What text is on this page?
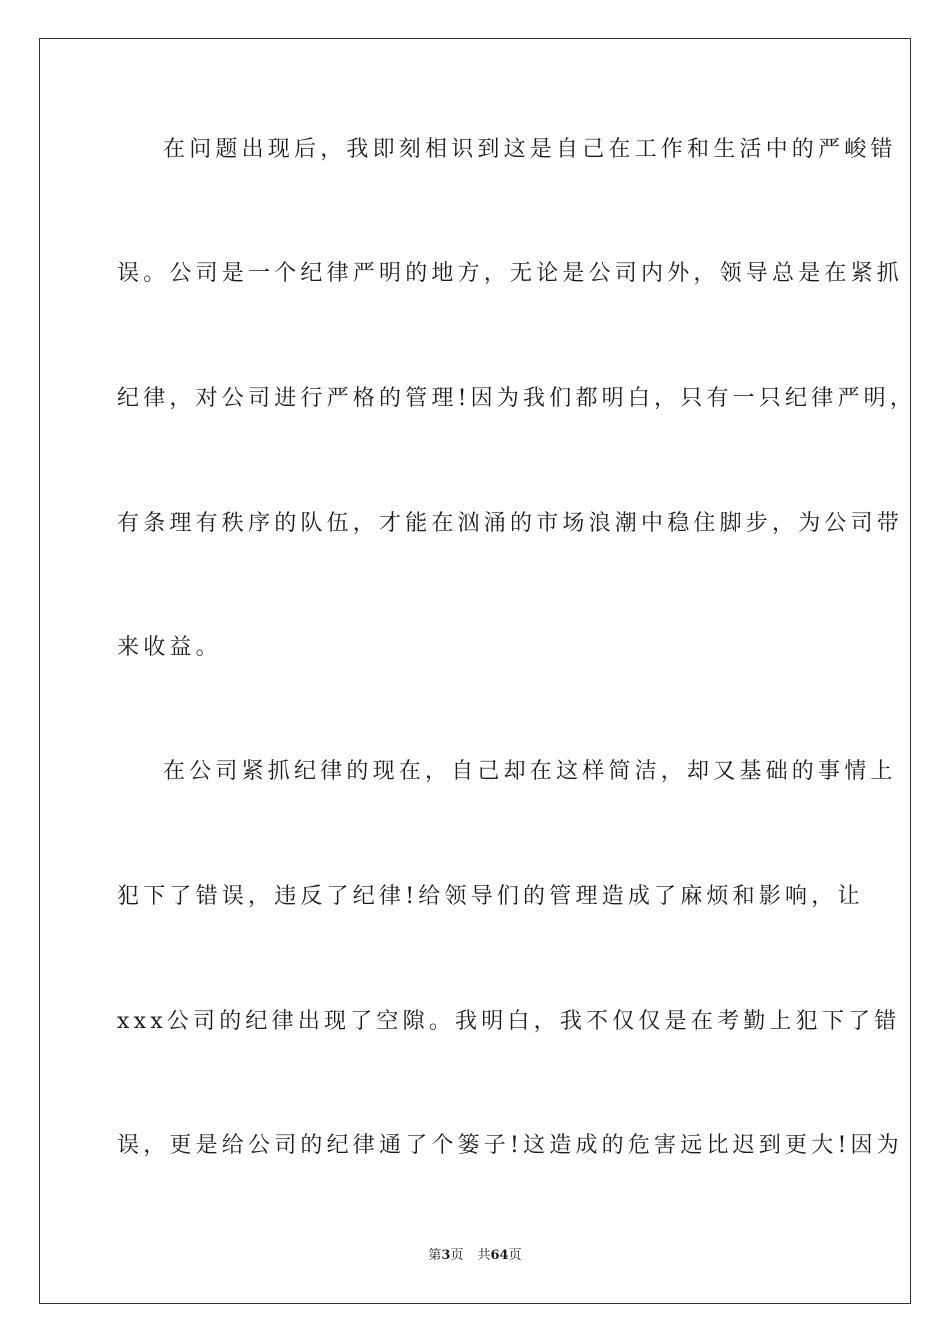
在问题出现后，我即刻相识到这是自己在工作和生活中的严峻错
误。公司是一个纪律严明的地方，无论是公司内外，领导总是在紧抓
纪律，对公司进行严格的管理!因为我们都明白，只有一只纪律严明，
有条理有秩序的队伍，才能在汹涌的市场浪潮中稳住脚步，为公司带
来收益。
在公司紧抓纪律的现在，自己却在这样简洁，却又基础的事情上
犯下了错误，违反了纪律!给领导们的管理造成了麻烦和影响，让
xxx公司的纪律出现了空隙。我明白，我不仅仅是在考勤上犯下了错
误，更是给公司的纪律通了个篓子!这造成的危害远比迟到更大!因为
第3页 共64页
